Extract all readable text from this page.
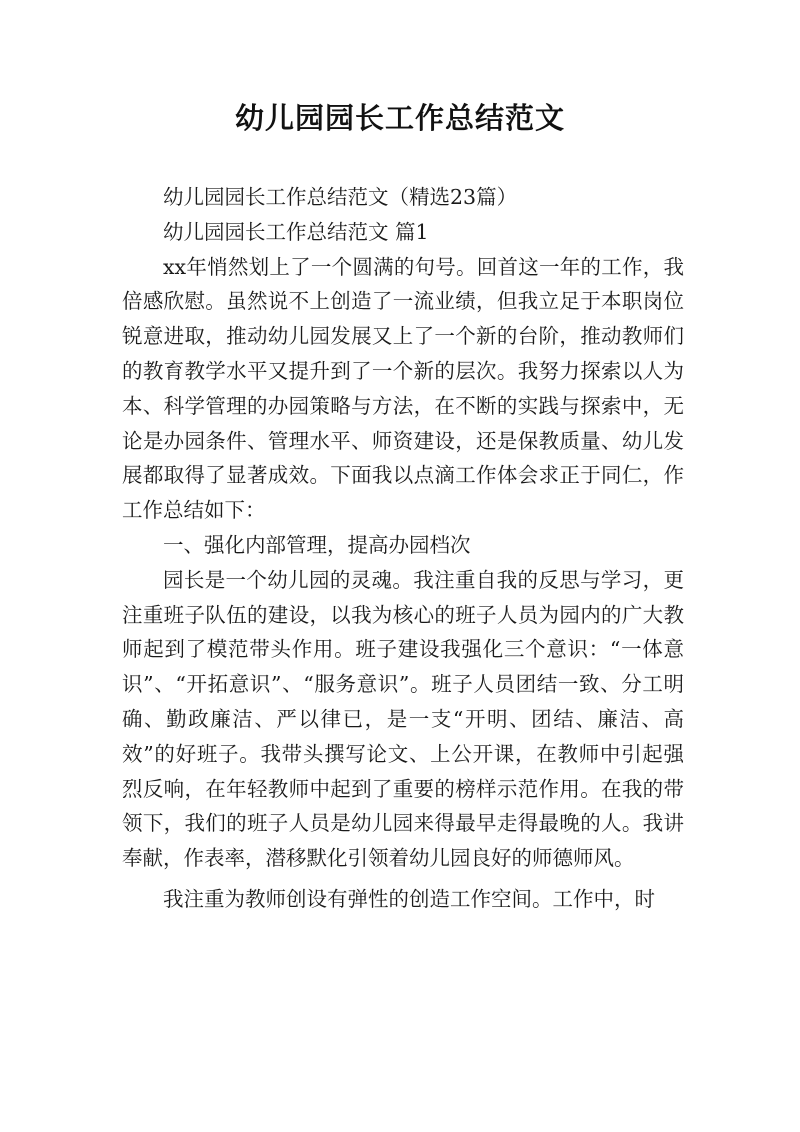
幼儿园园长工作总结范文

幼儿园园长工作总结范文（精选23篇）

幼儿园园长工作总结范文 篇1

xx年悄然划上了一个圆满的句号。回首这一年的工作，我倍感欣慰。虽然说不上创造了一流业绩，但我立足于本职岗位锐意进取，推动幼儿园发展又上了一个新的台阶，推动教师们的教育教学水平又提升到了一个新的层次。我努力探索以人为本、科学管理的办园策略与方法，在不断的实践与探索中，无论是办园条件、管理水平、师资建设，还是保教质量、幼儿发展都取得了显著成效。下面我以点滴工作体会求正于同仁，作工作总结如下：

一、强化内部管理，提高办园档次

园长是一个幼儿园的灵魂。我注重自我的反思与学习，更注重班子队伍的建设，以我为核心的班子人员为园内的广大教师起到了模范带头作用。班子建设我强化三个意识：“一体意识”、“开拓意识”、“服务意识”。班子人员团结一致、分工明确、勤政廉洁、严以律已，是一支“开明、团结、廉洁、高效”的好班子。我带头撰写论文、上公开课，在教师中引起强烈反响，在年轻教师中起到了重要的榜样示范作用。在我的带领下，我们的班子人员是幼儿园来得最早走得最晚的人。我讲奉献，作表率，潜移默化引领着幼儿园良好的师德师风。

我注重为教师创设有弹性的创造工作空间。工作中，时
